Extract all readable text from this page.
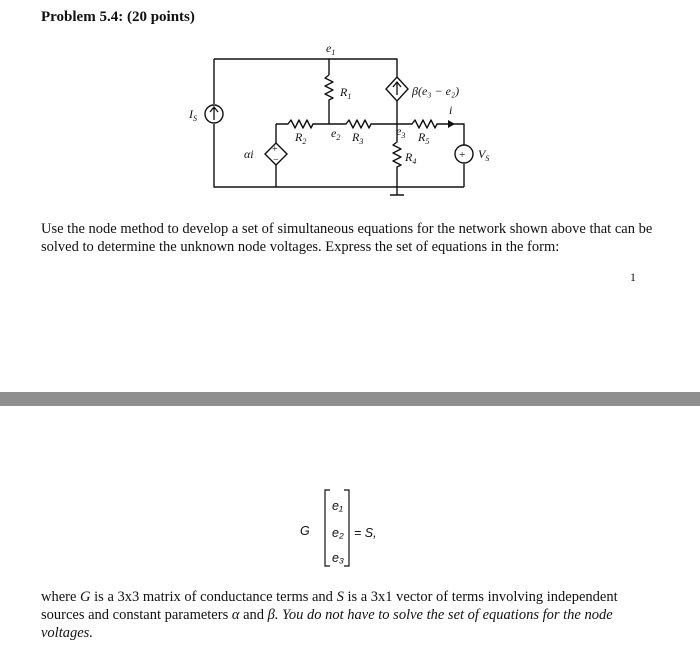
Problem 5.4: (20 points)
+
−	+
$e_1$
$R_1$	β(e₃ − e₂)
i
$I_S$
$e_2$
$R_2$	$R_3$
$e_3$ $R_5$
$R_4$
αi	$V_S$

Use the node method to develop a set of simultaneous equations for the network shown above that can be solved to determine the unknown node voltages. Express the set of equations in the form:

1

G
e₁
e₂
e₃
= S,

where G is a 3x3 matrix of conductance terms and S is a 3x1 vector of terms involving independent sources and constant parameters α and β. You do not have to solve the set of equations for the node voltages.
